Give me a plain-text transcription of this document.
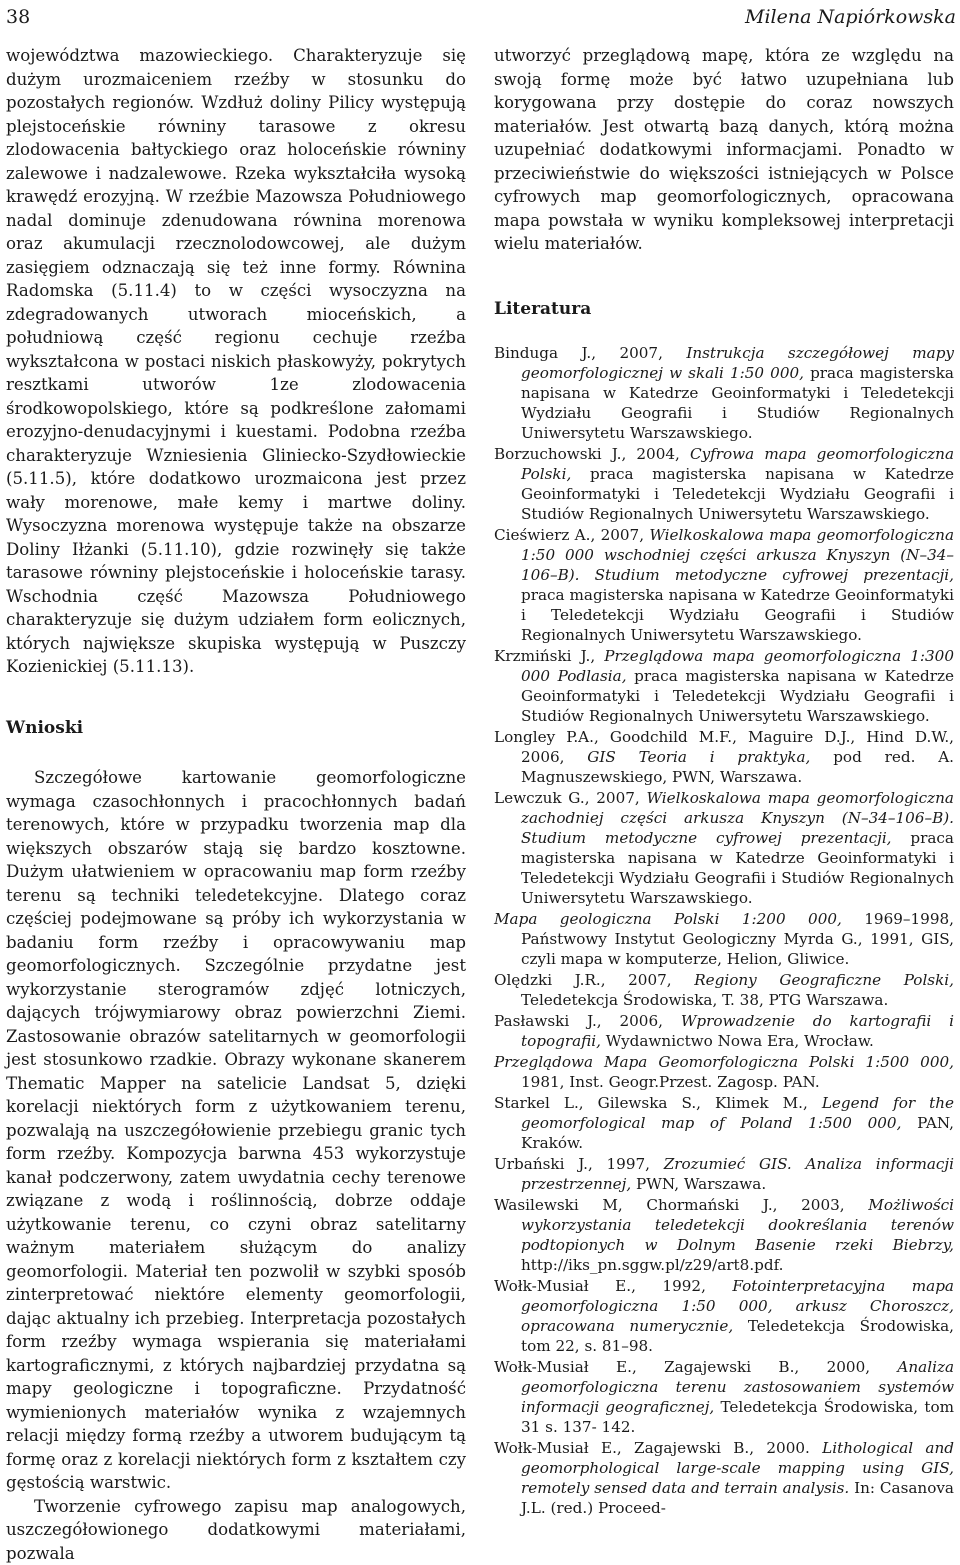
38	Milena Napiórkowska

województwa mazowieckiego. Charakteryzuje się dużym urozmaiceniem rzeźby w stosunku do pozostałych regionów. Wzdłuż doliny Pilicy występują plejstoceńskie równiny tarasowe z okresu zlodowacenia bałtyckiego oraz holoceńskie równiny zalewowe i nadzalewowe. Rzeka wykształciła wysoką krawędź erozyjną. W rzeźbie Mazowsza Południowego nadal dominuje zdenudowana równina morenowa oraz akumulacji rzecznolodowcowej, ale dużym zasięgiem odznaczają się też inne formy. Równina Radomska (5.11.4) to w części wysoczyzna na zdegradowanych utworach mioceńskich, a południową część regionu cechuje rzeźba wykształcona w postaci niskich płaskowyży, pokrytych resztkami utworów 1ze zlodowacenia środkowopolskiego, które są podkreślone załomami erozyjno-denudacyjnymi i kuestami. Podobna rzeźba charakteryzuje Wzniesienia Gliniecko-Szydłowieckie (5.11.5), które dodatkowo urozmaicona jest przez wały morenowe, małe kemy i martwe doliny. Wysoczyzna morenowa występuje także na obszarze Doliny Iłżanki (5.11.10), gdzie rozwinęły się także tarasowe równiny plejstoceńskie i holoceńskie tarasy. Wschodnia część Mazowsza Południowego charakteryzuje się dużym udziałem form eolicznych, których największe skupiska występują w Puszczy Kozienickiej (5.11.13).

Wnioski

Szczegółowe kartowanie geomorfologiczne wymaga czasochłonnych i pracochłonnych badań terenowych, które w przypadku tworzenia map dla większych obszarów stają się bardzo kosztowne. Dużym ułatwieniem w opracowaniu map form rzeźby terenu są techniki teledetekcyjne. Dlatego coraz częściej podejmowane są próby ich wykorzystania w badaniu form rzeźby i opracowywaniu map geomorfologicznych. Szczególnie przydatne jest wykorzystanie sterogramów zdjęć lotniczych, dających trójwymiarowy obraz powierzchni Ziemi. Zastosowanie obrazów satelitarnych w geomorfologii jest stosunkowo rzadkie. Obrazy wykonane skanerem Thematic Mapper na satelicie Landsat 5, dzięki korelacji niektórych form z użytkowaniem terenu, pozwalają na uszczegółowienie przebiegu granic tych form rzeźby. Kompozycja barwna 453 wykorzystuje kanał podczerwony, zatem uwydatnia cechy terenowe związane z wodą i roślinnością, dobrze oddaje użytkowanie terenu, co czyni obraz satelitarny ważnym materiałem służącym do analizy geomorfologii. Materiał ten pozwolił w szybki sposób zinterpretować niektóre elementy geomorfologii, dając aktualny ich przebieg. Interpretacja pozostałych form rzeźby wymaga wspierania się materiałami kartograficznymi, z których najbardziej przydatna są mapy geologiczne i topograficzne. Przydatność wymienionych materiałów wynika z wzajemnych relacji między formą rzeźby a utworem budującym tą formę oraz z korelacji niektórych form z kształtem czy gęstością warstwic.

Tworzenie cyfrowego zapisu map analogowych, uszczegółowionego dodatkowymi materiałami, pozwala

utworzyć przeglądową mapę, która ze względu na swoją formę może być łatwo uzupełniana lub korygowana przy dostępie do coraz nowszych materiałów. Jest otwartą bazą danych, którą można uzupełniać dodatkowymi informacjami. Ponadto w przeciwieństwie do większości istniejących w Polsce cyfrowych map geomorfologicznych, opracowana mapa powstała w wyniku kompleksowej interpretacji wielu materiałów.

Literatura
Binduga J., 2007, Instrukcja szczegółowej mapy geomorfologicznej w skali 1:50 000, praca magisterska napisana w Katedrze Geoinformatyki i Teledetekcji Wydziału Geografii i Studiów Regionalnych Uniwersytetu Warszawskiego.
Borzuchowski J., 2004, Cyfrowa mapa geomorfologiczna Polski, praca magisterska napisana w Katedrze Geoinformatyki i Teledetekcji Wydziału Geografii i Studiów Regionalnych Uniwersytetu Warszawskiego.
Cieświerz A., 2007, Wielkoskalowa mapa geomorfologiczna 1:50 000 wschodniej części arkusza Knyszyn (N–34–106–B). Studium metodyczne cyfrowej prezentacji, praca magisterska napisana w Katedrze Geoinformatyki i Teledetekcji Wydziału Geografii i Studiów Regionalnych Uniwersytetu Warszawskiego.
Krzmiński J., Przeglądowa mapa geomorfologiczna 1:300 000 Podlasia, praca magisterska napisana w Katedrze Geoinformatyki i Teledetekcji Wydziału Geografii i Studiów Regionalnych Uniwersytetu Warszawskiego.
Longley P.A., Goodchild M.F., Maguire D.J., Hind D.W., 2006, GIS Teoria i praktyka, pod red. A. Magnuszewskiego, PWN, Warszawa.
Lewczuk G., 2007, Wielkoskalowa mapa geomorfologiczna zachodniej części arkusza Knyszyn (N–34–106–B). Studium metodyczne cyfrowej prezentacji, praca magisterska napisana w Katedrze Geoinformatyki i Teledetekcji Wydziału Geografii i Studiów Regionalnych Uniwersytetu Warszawskiego.
Mapa geologiczna Polski 1:200 000, 1969–1998, Państwowy Instytut Geologiczny Myrda G., 1991, GIS, czyli mapa w komputerze, Helion, Gliwice.
Olędzki J.R., 2007, Regiony Geograficzne Polski, Teledetekcja Środowiska, T. 38, PTG Warszawa.
Pasławski J., 2006, Wprowadzenie do kartografii i topografii, Wydawnictwo Nowa Era, Wrocław.
Przeglądowa Mapa Geomorfologiczna Polski 1:500 000, 1981, Inst. Geogr.Przest. Zagosp. PAN.
Starkel L., Gilewska S., Klimek M., Legend for the geomorfological map of Poland 1:500 000, PAN, Kraków.
Urbański J., 1997, Zrozumieć GIS. Analiza informacji przestrzennej, PWN, Warszawa.
Wasilewski M, Chormański J., 2003, Możliwości wykorzystania teledetekcji dookreślania terenów podtopionych w Dolnym Basenie rzeki Biebrzy, http://iks_pn.sggw.pl/z29/art8.pdf.
Wołk-Musiał E., 1992, Fotointerpretacyjna mapa geomorfologiczna 1:50 000, arkusz Choroszcz, opracowana numerycznie, Teledetekcja Środowiska, tom 22, s. 81–98.
Wołk-Musiał E., Zagajewski B., 2000, Analiza geomorfologiczna terenu zastosowaniem systemów informacji geograficznej, Teledetekcja Środowiska, tom 31 s. 137- 142.
Wołk-Musiał E., Zagajewski B., 2000. Lithological and geomorphological large-scale mapping using GIS, remotely sensed data and terrain analysis. In: Casanova J.L. (red.) Proceed-
